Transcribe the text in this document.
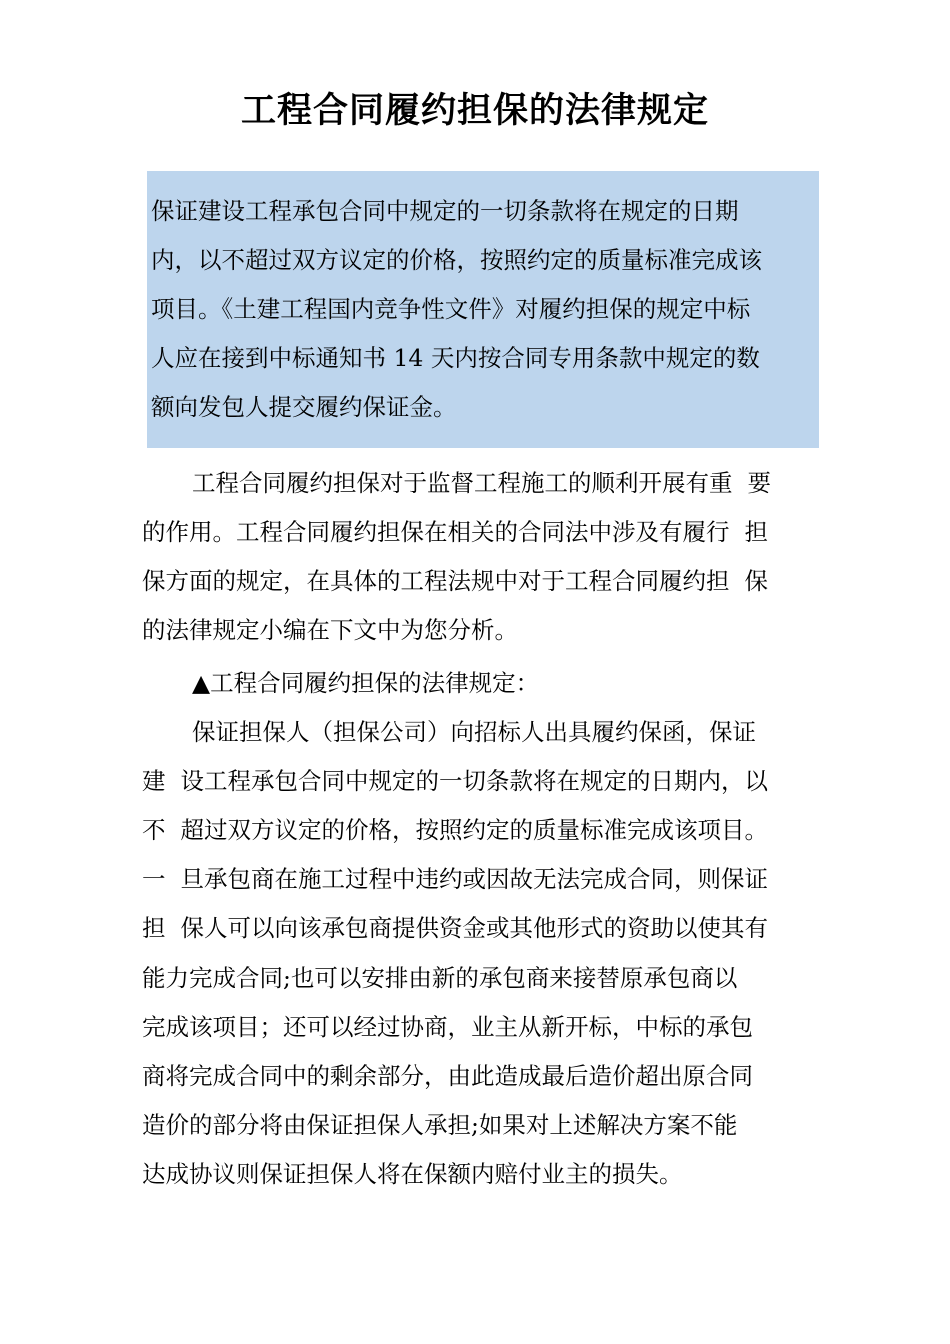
工程合同履约担保的法律规定
保证建设工程承包合同中规定的一切条款将在规定的日期
内，以不超过双方议定的价格，按照约定的质量标准完成该
项目。《土建工程国内竞争性文件》对履约担保的规定中标
人应在接到中标通知书 14 天内按合同专用条款中规定的数
额向发包人提交履约保证金。
工程合同履约担保对于监督工程施工的顺利开展有重  要
的作用。工程合同履约担保在相关的合同法中涉及有履行  担
保方面的规定，在具体的工程法规中对于工程合同履约担  保
的法律规定小编在下文中为您分析。
▲工程合同履约担保的法律规定：
保证担保人（担保公司）向招标人出具履约保函，保证
建  设工程承包合同中规定的一切条款将在规定的日期内，以
不  超过双方议定的价格，按照约定的质量标准完成该项目。
一  旦承包商在施工过程中违约或因故无法完成合同，则保证
担  保人可以向该承包商提供资金或其他形式的资助以使其有
能力完成合同;也可以安排由新的承包商来接替原承包商以
完成该项目；还可以经过协商，业主从新开标，中标的承包
商将完成合同中的剩余部分，由此造成最后造价超出原合同
造价的部分将由保证担保人承担;如果对上述解决方案不能
达成协议则保证担保人将在保额内赔付业主的损失。
